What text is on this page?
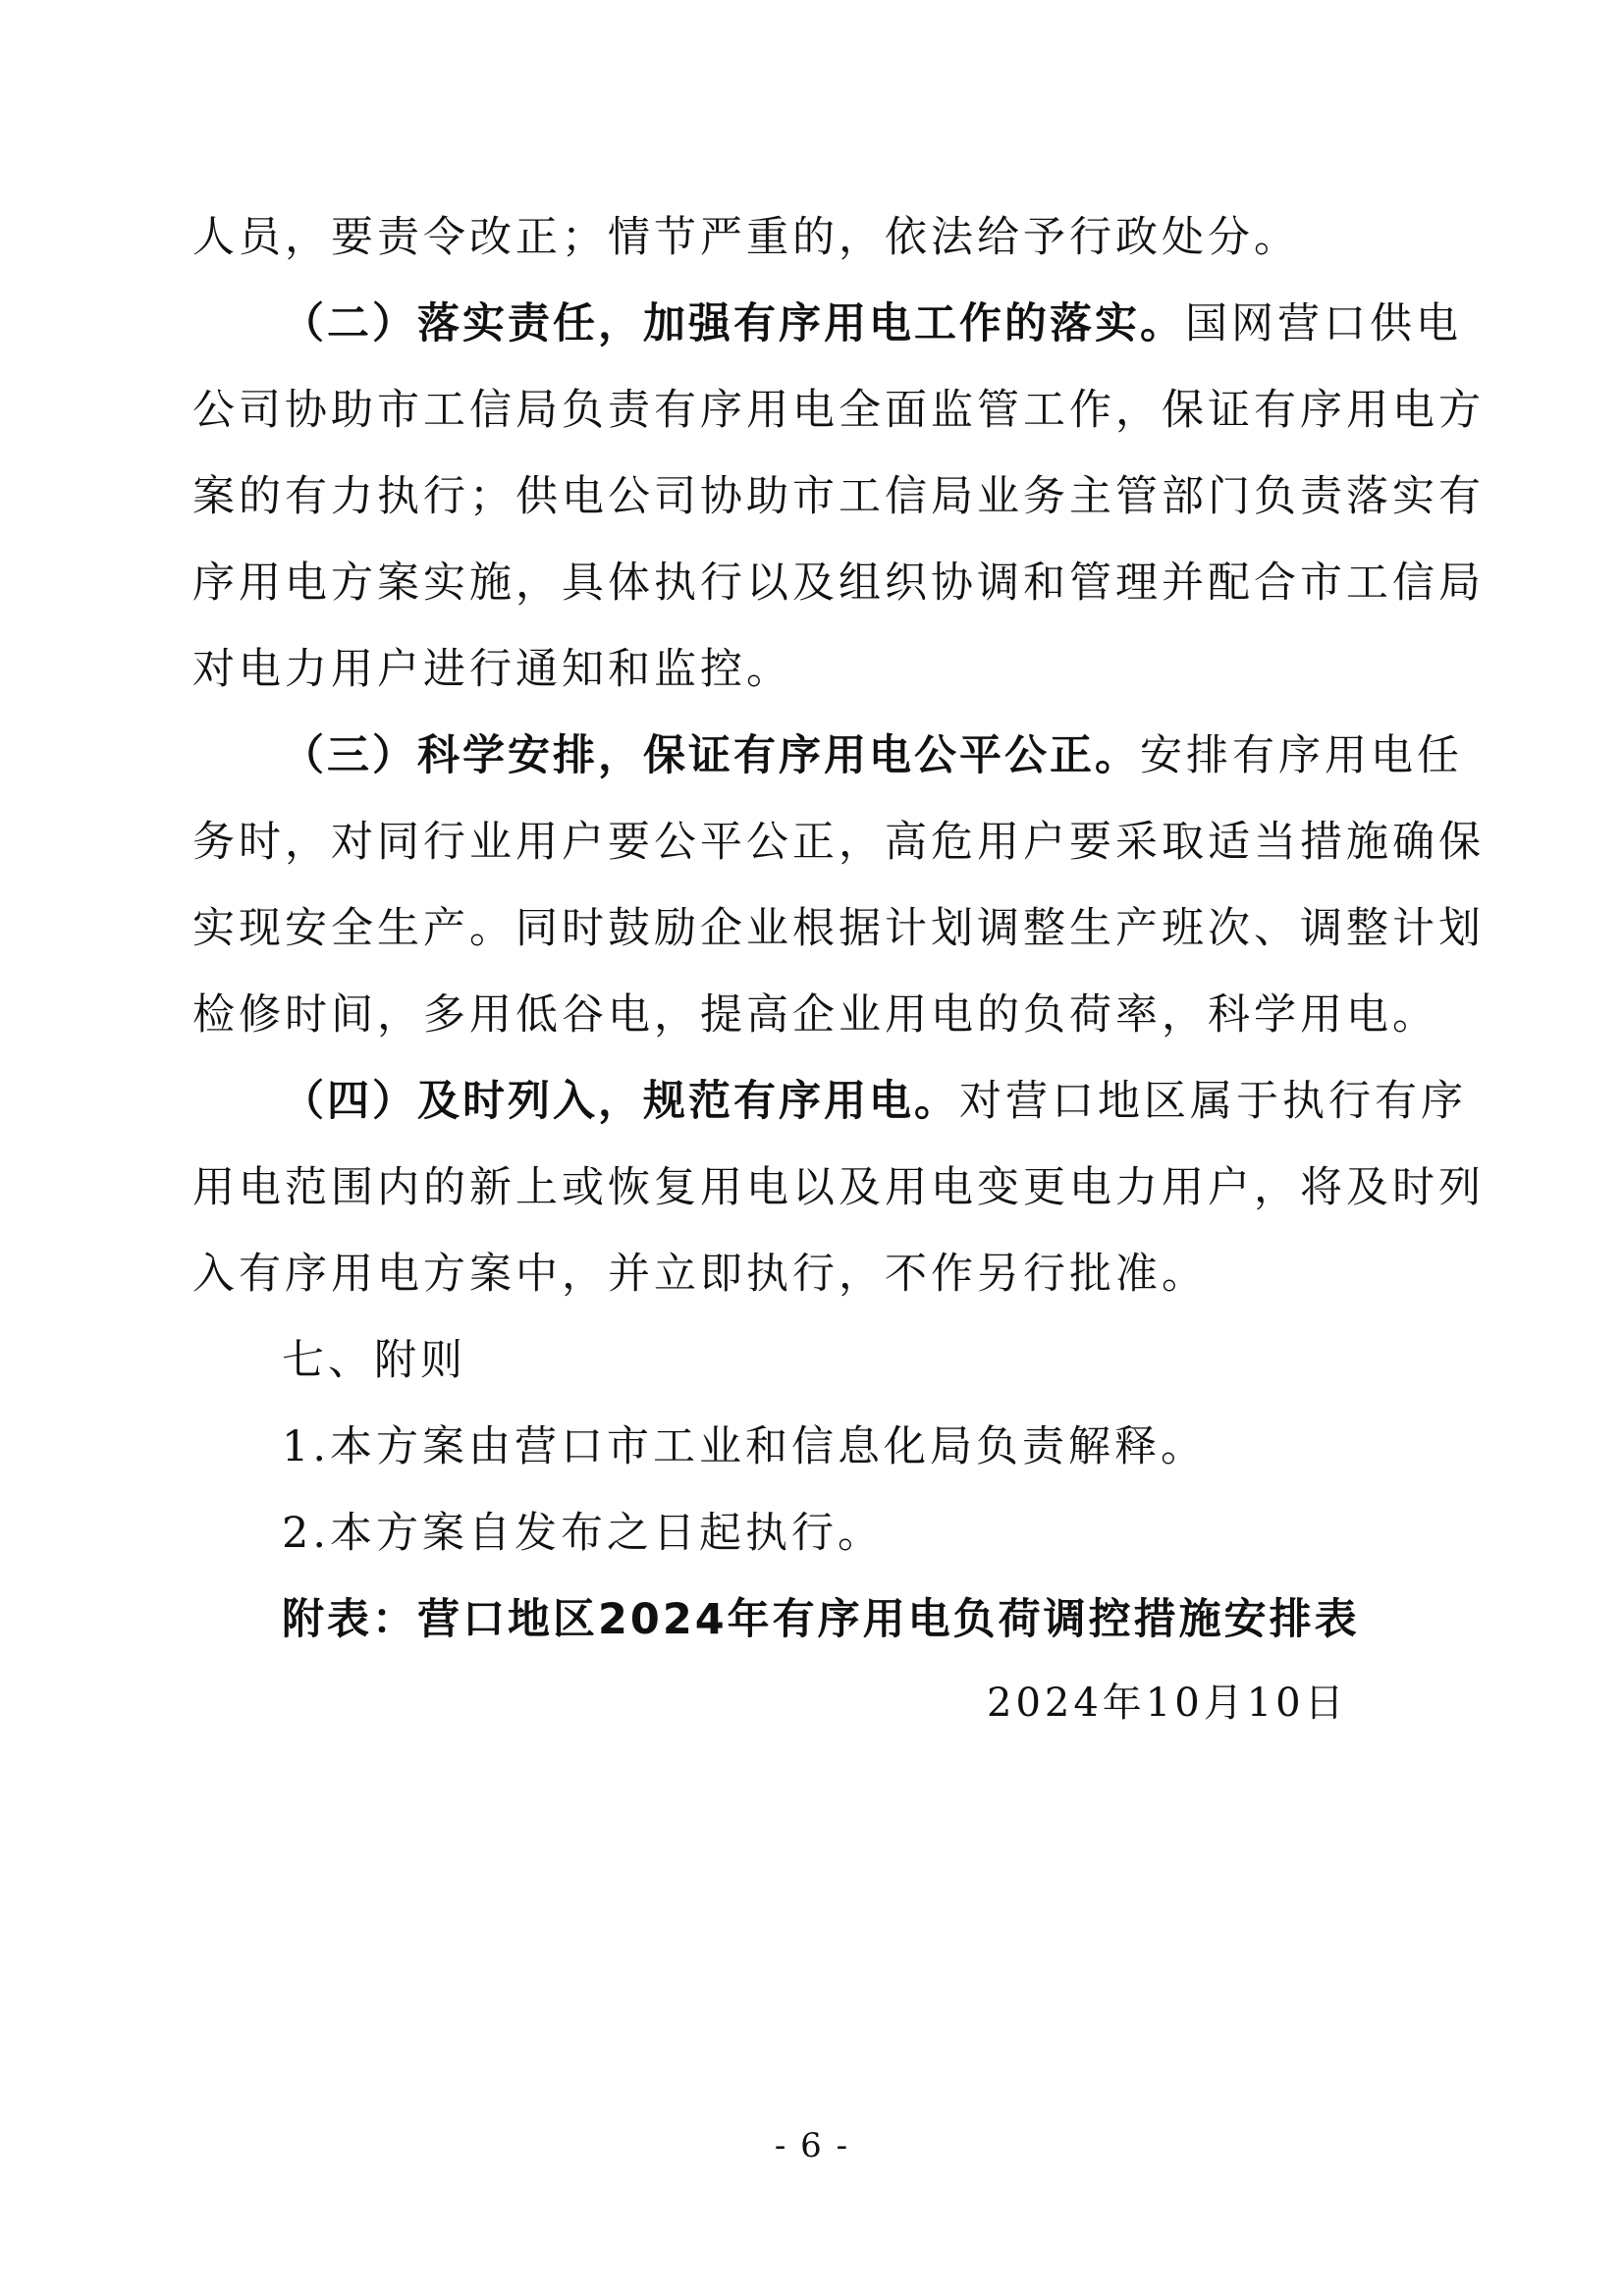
人员，要责令改正；情节严重的，依法给予行政处分。
（二）落实责任，加强有序用电工作的落实。国网营口供电
公司协助市工信局负责有序用电全面监管工作，保证有序用电方
案的有力执行；供电公司协助市工信局业务主管部门负责落实有
序用电方案实施，具体执行以及组织协调和管理并配合市工信局
对电力用户进行通知和监控。
（三）科学安排，保证有序用电公平公正。安排有序用电任
务时，对同行业用户要公平公正，高危用户要采取适当措施确保
实现安全生产。同时鼓励企业根据计划调整生产班次、调整计划
检修时间，多用低谷电，提高企业用电的负荷率，科学用电。
（四）及时列入，规范有序用电。对营口地区属于执行有序
用电范围内的新上或恢复用电以及用电变更电力用户，将及时列
入有序用电方案中，并立即执行，不作另行批准。
七、附则
1.本方案由营口市工业和信息化局负责解释。
2.本方案自发布之日起执行。
附表：营口地区2024年有序用电负荷调控措施安排表
2024年10月10日
- 6 -
